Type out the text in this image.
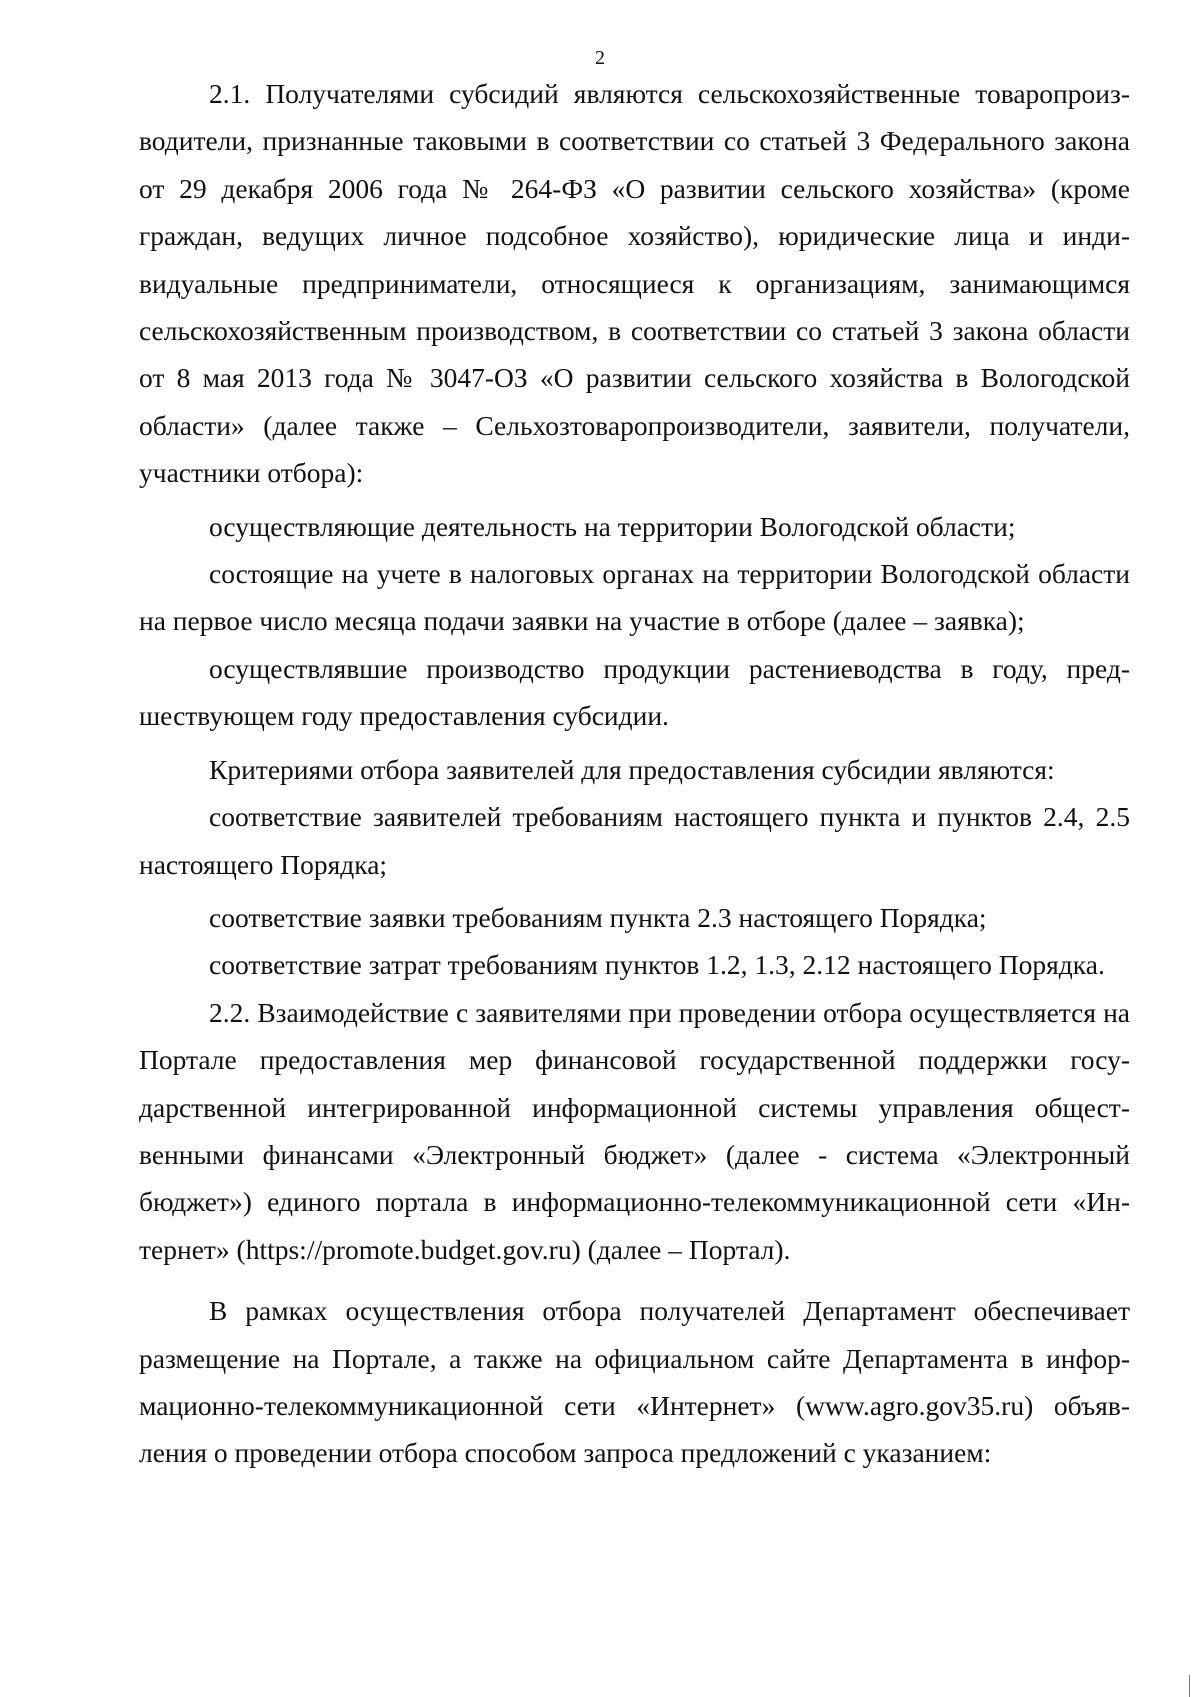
2

2.1. Получателями субсидий являются сельскохозяйственные товаропроизводители, признанные таковыми в соответствии со статьей 3 Федерального закона от 29 декабря 2006 года № 264-ФЗ «О развитии сельского хозяйства» (кроме граждан, ведущих личное подсобное хозяйство), юридические лица и индивидуальные предприниматели, относящиеся к организациям, занимающимся сельскохозяйственным производством, в соответствии со статьей 3 закона области от 8 мая 2013 года № 3047-ОЗ «О развитии сельского хозяйства в Вологодской области» (далее также – Сельхозтоваропроизводители, заявители, получатели, участники отбора):

осуществляющие деятельность на территории Вологодской области;

состоящие на учете в налоговых органах на территории Вологодской области на первое число месяца подачи заявки на участие в отборе (далее – заявка);

осуществлявшие производство продукции растениеводства в году, предшествующем году предоставления субсидии.

Критериями отбора заявителей для предоставления субсидии являются:

соответствие заявителей требованиям настоящего пункта и пунктов 2.4, 2.5 настоящего Порядка;

соответствие заявки требованиям пункта 2.3 настоящего Порядка;

соответствие затрат требованиям пунктов 1.2, 1.3, 2.12 настоящего Порядка.

2.2. Взаимодействие с заявителями при проведении отбора осуществляется на Портале предоставления мер финансовой государственной поддержки государственной интегрированной информационной системы управления общественными финансами «Электронный бюджет» (далее - система «Электронный бюджет») единого портала в информационно-телекоммуникационной сети «Интернет» (https://promote.budget.gov.ru) (далее – Портал).

В рамках осуществления отбора получателей Департамент обеспечивает размещение на Портале, а также на официальном сайте Департамента в информационно-телекоммуникационной сети «Интернет» (www.agro.gov35.ru) объявления о проведении отбора способом запроса предложений с указанием:
